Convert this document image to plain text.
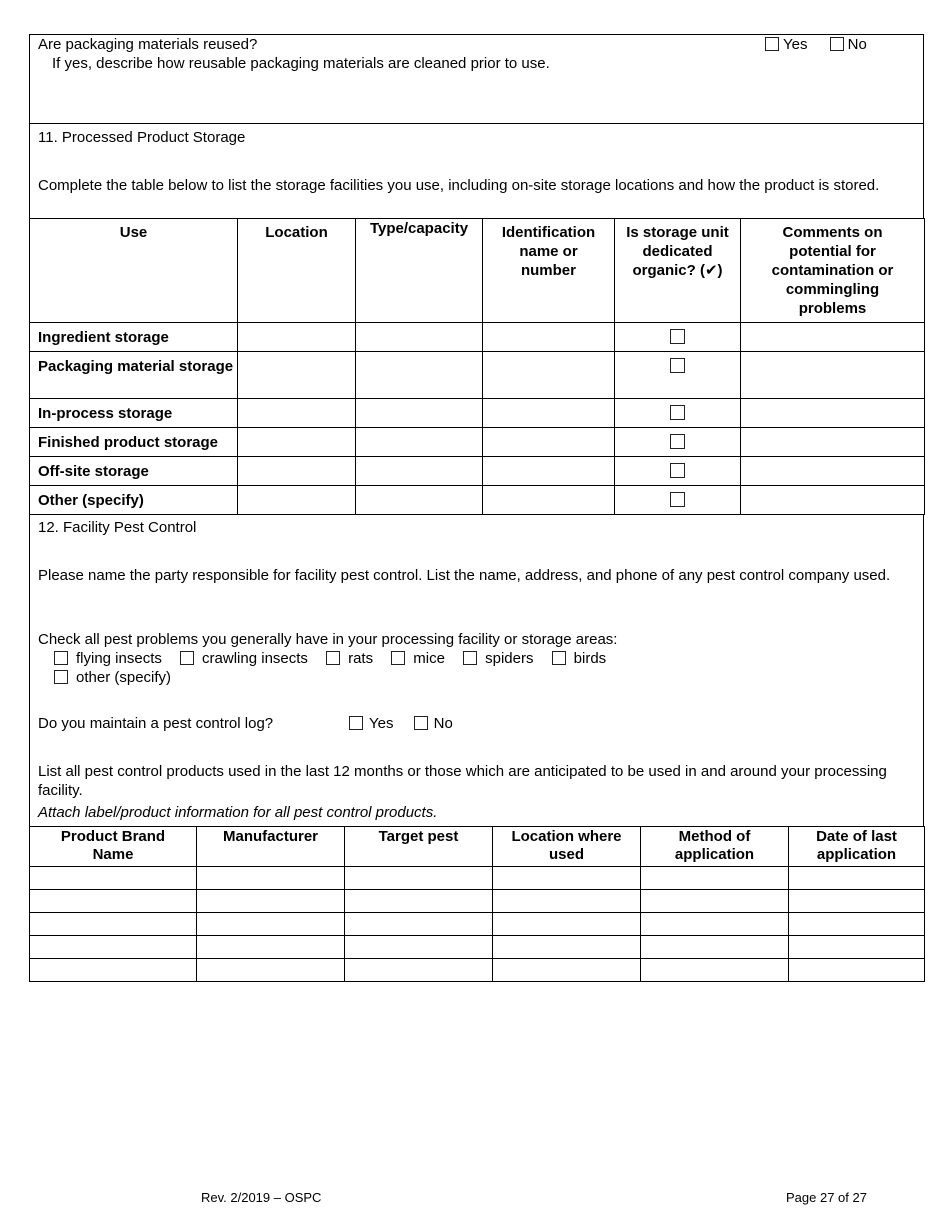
Are packaging materials reused?
If yes, describe how reusable packaging materials are cleaned prior to use.
Yes	No
11. Processed Product Storage
Complete the table below to list the storage facilities you use, including on-site storage locations and how the product is stored.
Use	Location	Type/capacity	Identification name or number	Is storage unit dedicated organic? (✔)	Comments on potential for contamination or commingling problems
Ingredient storage					
Packaging material storage					
In-process storage					
Finished product storage					
Off-site storage					
Other (specify)					
12. Facility Pest Control
Please name the party responsible for facility pest control. List the name, address, and phone of any pest control company used.
Check all pest problems you generally have in your processing facility or storage areas:
flying insects	crawling insects	rats	mice	spiders	birds
other (specify)
Do you maintain a pest control log?	Yes	No
List all pest control products used in the last 12 months or those which are anticipated to be used in and around your processing facility.
Attach label/product information for all pest control products.
Product Brand Name	Manufacturer	Target pest	Location where used	Method of application	Date of last application

Rev. 2/2019 – OSPC	Page 27 of 27
